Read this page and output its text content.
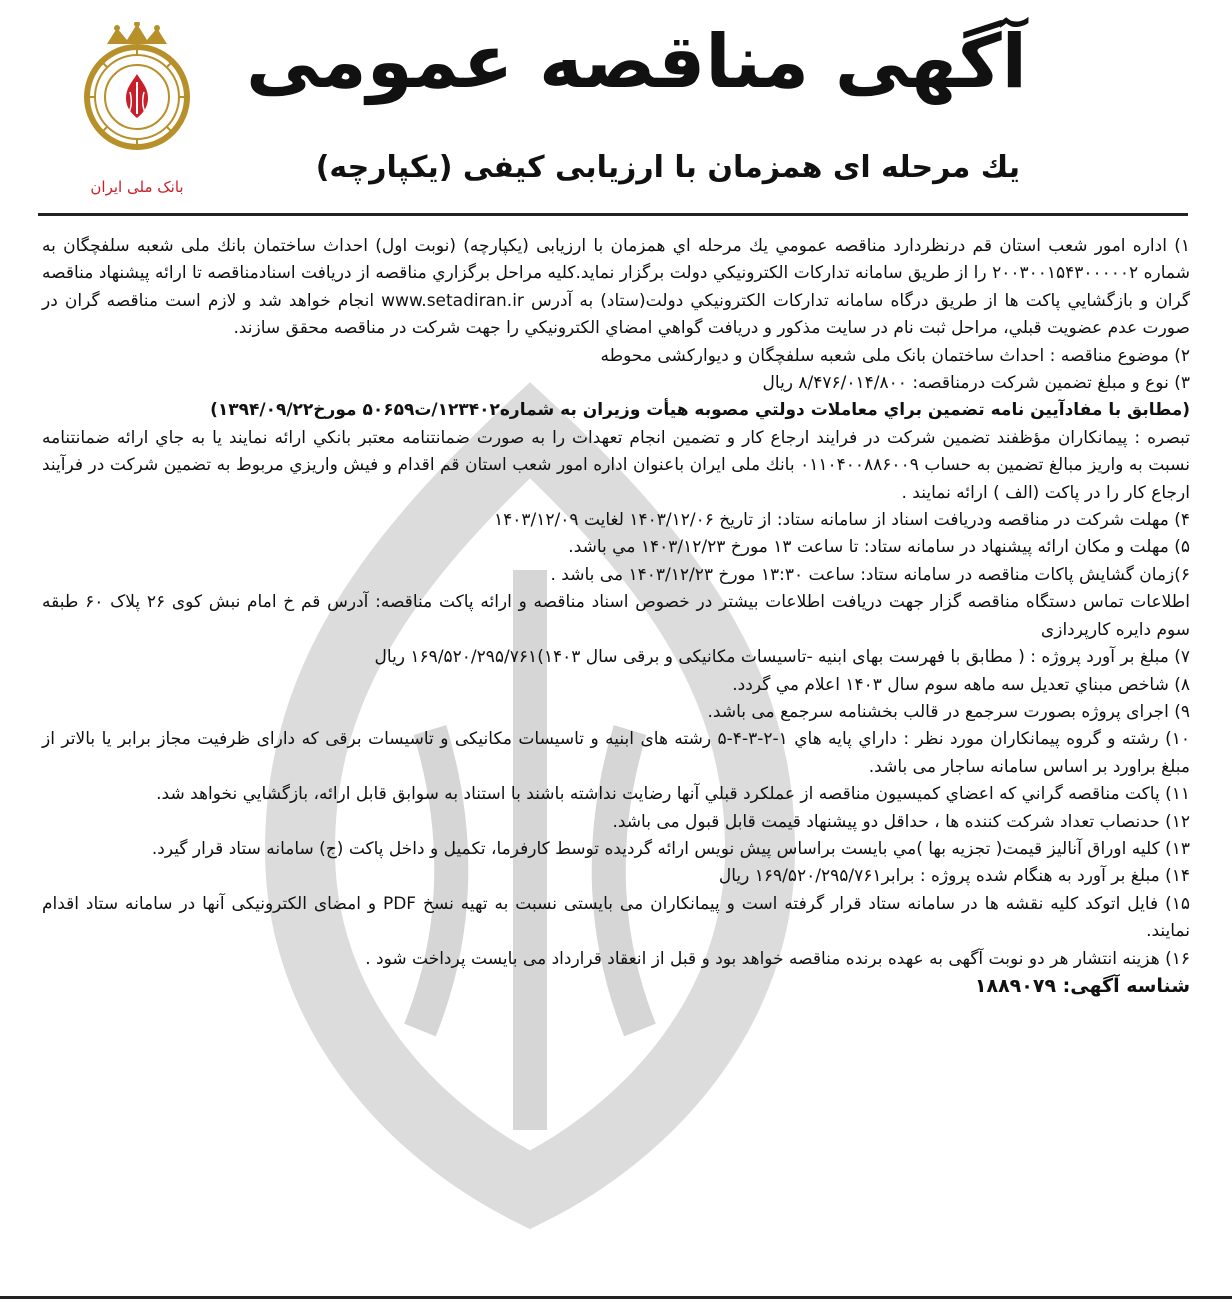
بانک ملی ایران
آگهی مناقصه عمومی
يك مرحله ای همزمان با ارزيابی كيفی (يكپارچه)

۱) اداره امور شعب استان قم درنظردارد مناقصه عمومي يك مرحله اي همزمان با ارزيابی (يكپارچه) (نوبت اول) احداث ساختمان بانك ملی شعبه سلفچگان به شماره ۲۰۰۳۰۰۱۵۴۳۰۰۰۰۰۲ را از طريق سامانه تداركات الكترونيكي دولت برگزار نمايد.كليه مراحل برگزاري مناقصه از دريافت اسنادمناقصه تا ارائه پيشنهاد مناقصه گران و بازگشايي پاكت ها از طريق درگاه سامانه تداركات الكترونيكي دولت(ستاد) به آدرس www.setadiran.ir انجام خواهد شد و لازم است مناقصه گران در صورت عدم عضويت قبلي، مراحل ثبت نام در سايت مذكور و دريافت گواهي امضاي الكترونيكي را جهت شركت در مناقصه محقق سازند.

۲) موضوع مناقصه : احداث ساختمان بانک ملی شعبه سلفچگان و ديواركشی محوطه

۳) نوع و مبلغ تضمين شركت درمناقصه: ۸/۴۷۶/۰۱۴/۸۰۰ ريال

(مطابق با مفادآيين نامه تضمين براي معاملات دولتي مصوبه هيأت وزيران به شماره۱۲۳۴۰۲/ت۵۰۶۵۹ مورخ۱۳۹۴/۰۹/۲۲)

تبصره : پيمانكاران مؤظفند تضمين شركت در فرايند ارجاع كار و تضمين انجام تعهدات را به صورت ضمانتنامه معتبر بانكي ارائه نمايند يا به جاي ارائه ضمانتنامه نسبت به واريز مبالغ تضمين به حساب ۰۱۱۰۴۰۰۸۸۶۰۰۹ بانك ملی ايران باعنوان اداره امور شعب استان قم اقدام و فيش واريزي مربوط به تضمين شركت در فرآيند ارجاع كار را در پاكت (الف ) ارائه نمايند .

۴) مهلت شركت در مناقصه ودريافت اسناد از سامانه ستاد: از تاريخ ۱۴۰۳/۱۲/۰۶ لغايت ۱۴۰۳/۱۲/۰۹

۵) مهلت و مكان ارائه پيشنهاد در سامانه ستاد: تا ساعت ۱۳ مورخ ۱۴۰۳/۱۲/۲۳ مي باشد.

۶)زمان گشايش پاكات مناقصه در سامانه ستاد: ساعت ۱۳:۳۰ مورخ ۱۴۰۳/۱۲/۲۳ می باشد .

اطلاعات تماس دستگاه مناقصه گزار جهت دريافت اطلاعات بيشتر در خصوص اسناد مناقصه و ارائه پاكت مناقصه: آدرس قم خ امام نبش كوی ۲۶ پلاک ۶۰ طبقه سوم دايره كارپردازی

۷) مبلغ بر آورد پروژه : ( مطابق با فهرست بهای ابنيه -تاسيسات مكانيكی و برقی سال ۱۴۰۳)۱۶۹/۵۲۰/۲۹۵/۷۶۱ ريال

۸) شاخص مبناي تعديل سه ماهه سوم سال ۱۴۰۳ اعلام مي گردد.

۹) اجرای پروژه بصورت سرجمع در قالب بخشنامه سرجمع می باشد.

۱۰) رشته و گروه پيمانكاران مورد نظر : داراي پايه هاي ۱-۲-۳-۴-۵ رشته های ابنيه و تاسيسات مكانيكی و تاسيسات برقی كه دارای ظرفيت مجاز برابر يا بالاتر از مبلغ براورد بر اساس سامانه ساجار می باشد.

۱۱) پاكت مناقصه گراني كه اعضاي كميسيون مناقصه از عملكرد قبلي آنها رضايت نداشته باشند با استناد به سوابق قابل ارائه، بازگشايي نخواهد شد.

۱۲) حدنصاب تعداد شركت كننده ها ، حداقل دو پيشنهاد قيمت قابل قبول می باشد.

۱۳) كليه اوراق آناليز قيمت( تجزيه بها )مي بايست براساس پيش نويس ارائه گرديده توسط كارفرما، تكميل و داخل پاكت (ج) سامانه ستاد قرار گيرد.

۱۴) مبلغ بر آورد به هنگام شده پروژه : برابر۱۶۹/۵۲۰/۲۹۵/۷۶۱ ريال

۱۵) فايل اتوكد كليه نقشه ها در سامانه ستاد قرار گرفته است و پيمانكاران می بايستی نسبت به تهيه نسخ PDF و امضای الكترونيكی آنها در سامانه ستاد اقدام نمايند.

۱۶) هزينه انتشار هر دو نوبت آگهی به عهده برنده مناقصه خواهد بود و قبل از انعقاد قرارداد می بايست پرداخت شود .

شناسه آگهی: ۱۸۸۹۰۷۹
